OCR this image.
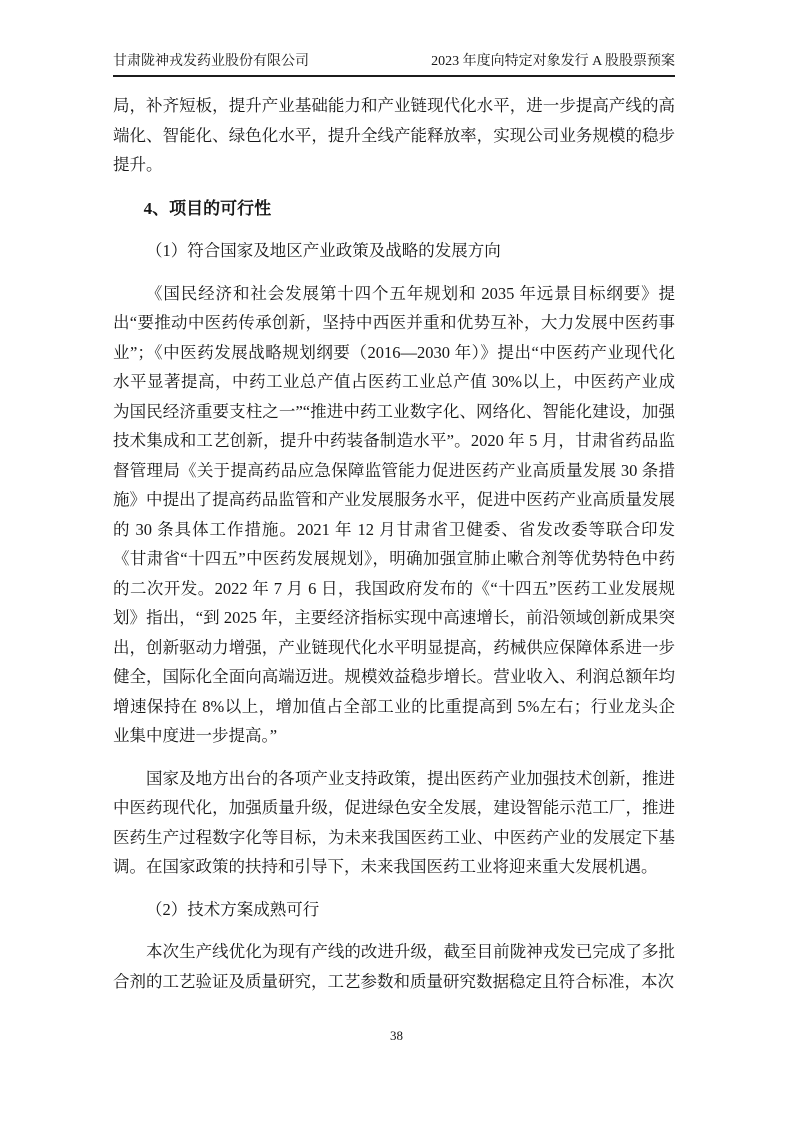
甘肃陇神戎发药业股份有限公司	2023 年度向特定对象发行 A 股股票预案

局，补齐短板，提升产业基础能力和产业链现代化水平，进一步提高产线的高端化、智能化、绿色化水平，提升全线产能释放率，实现公司业务规模的稳步提升。

4、项目的可行性
（1）符合国家及地区产业政策及战略的发展方向

《国民经济和社会发展第十四个五年规划和 2035 年远景目标纲要》提出“要推动中医药传承创新，坚持中西医并重和优势互补，大力发展中医药事业”；《中医药发展战略规划纲要（2016—2030 年）》提出“中医药产业现代化水平显著提高，中药工业总产值占医药工业总产值 30%以上，中医药产业成为国民经济重要支柱之一”“推进中药工业数字化、网络化、智能化建设，加强技术集成和工艺创新，提升中药装备制造水平”。2020 年 5 月，甘肃省药品监督管理局《关于提高药品应急保障监管能力促进医药产业高质量发展 30 条措施》中提出了提高药品监管和产业发展服务水平，促进中医药产业高质量发展的 30 条具体工作措施。2021 年 12 月甘肃省卫健委、省发改委等联合印发《甘肃省“十四五”中医药发展规划》，明确加强宣肺止嗽合剂等优势特色中药的二次开发。2022 年 7 月 6 日，我国政府发布的《“十四五”医药工业发展规划》指出，“到 2025 年，主要经济指标实现中高速增长，前沿领域创新成果突出，创新驱动力增强，产业链现代化水平明显提高，药械供应保障体系进一步健全，国际化全面向高端迈进。规模效益稳步增长。营业收入、利润总额年均增速保持在 8%以上，增加值占全部工业的比重提高到 5%左右；行业龙头企业集中度进一步提高。”

国家及地方出台的各项产业支持政策，提出医药产业加强技术创新，推进中医药现代化，加强质量升级，促进绿色安全发展，建设智能示范工厂，推进医药生产过程数字化等目标，为未来我国医药工业、中医药产业的发展定下基调。在国家政策的扶持和引导下，未来我国医药工业将迎来重大发展机遇。

（2）技术方案成熟可行

本次生产线优化为现有产线的改进升级，截至目前陇神戎发已完成了多批合剂的工艺验证及质量研究，工艺参数和质量研究数据稳定且符合标准，本次

38
